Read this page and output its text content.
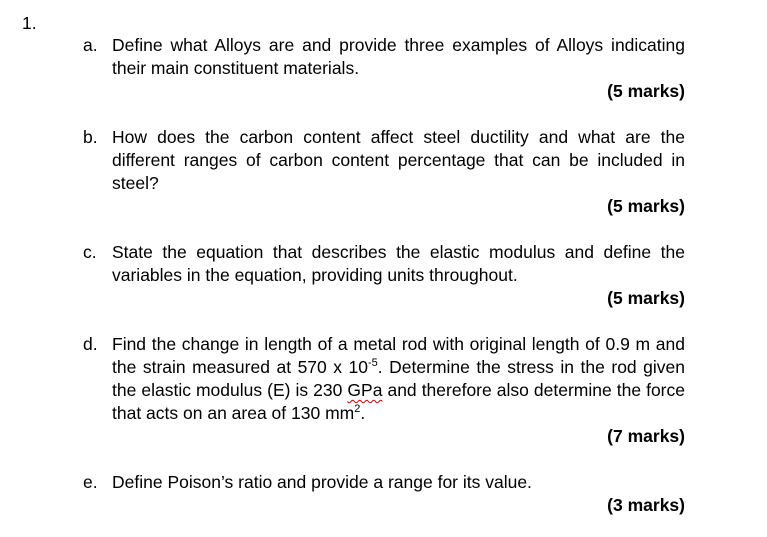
1.
a. Define what Alloys are and provide three examples of Alloys indicating their main constituent materials.
(5 marks)
b. How does the carbon content affect steel ductility and what are the different ranges of carbon content percentage that can be included in steel?
(5 marks)
c. State the equation that describes the elastic modulus and define the variables in the equation, providing units throughout.
(5 marks)
d. Find the change in length of a metal rod with original length of 0.9 m and the strain measured at 570 x $10^{-5}$. Determine the stress in the rod given the elastic modulus (E) is 230 GPa and therefore also determine the force that acts on an area of 130 $mm^2$.
(7 marks)
e. Define Poison’s ratio and provide a range for its value.
(3 marks)
